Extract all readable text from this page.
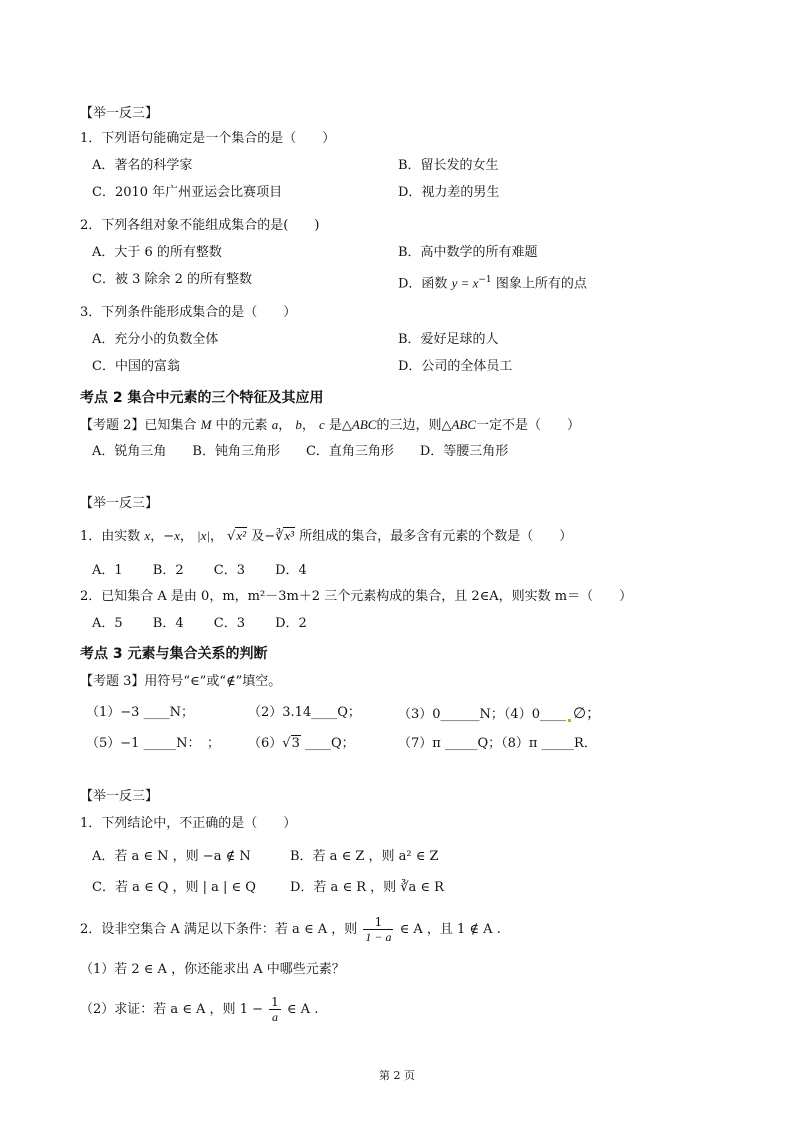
【举一反三】
1．下列语句能确定是一个集合的是（　　）
A．著名的科学家	B．留长发的女生
C．2010 年广州亚运会比赛项目	D．视力差的男生
2．下列各组对象不能组成集合的是(　　)
A．大于 6 的所有整数	B．高中数学的所有难题
C．被 3 除余 2 的所有整数	D．函数 $y = x^{-1}$ 图象上所有的点
3．下列条件能形成集合的是（　　）
A．充分小的负数全体	B．爱好足球的人
C．中国的富翁	D．公司的全体员工
考点 2 集合中元素的三个特征及其应用
【考题 2】已知集合 M 中的元素 a， b， c 是△ABC的三边，则△ABC一定不是（　　）
A．锐角三角　　B．钝角三角形　　C．直角三角形　　D．等腰三角形
【举一反三】
1．由实数 x，−x， |x|， √x² 及−∛x³ 所组成的集合，最多含有元素的个数是（　　）
A．1　　 B．2　　 C．3　　 D．4
2．已知集合 A 是由 0，m，m²－3m＋2 三个元素构成的集合，且 2∈A，则实数 m＝（　　）
A．5　　 B．4　　 C．3　　 D．2
考点 3 元素与集合关系的判断
【考题 3】用符号“∈”或“∉”填空。
（1）−3 ____N；	（2）3.14____Q；	（3）0______N；（4）0____ ∅；
（5）−1 _____N：　； （6）√3 ____Q；	（7）π _____Q；（8）π _____R．
【举一反三】
1．下列结论中，不正确的是（　　）
A．若 a ∈ N ，则 −a ∉ N	B．若 a ∈ Z ，则 a² ∈ Z
C．若 a ∈ Q ，则 | a | ∈ Q	D．若 a ∈ R ，则 ∛a ∈ R
2．设非空集合 A 满足以下条件：若 a ∈ A ，则 $\frac{1}{1 - a}$ ∈ A ，且 1 ∉ A .
（1）若 2 ∈ A ，你还能求出 A 中哪些元素？
（2）求证：若 a ∈ A ，则 $1 - \frac{1}{a}$ ∈ A .
第 2 页
